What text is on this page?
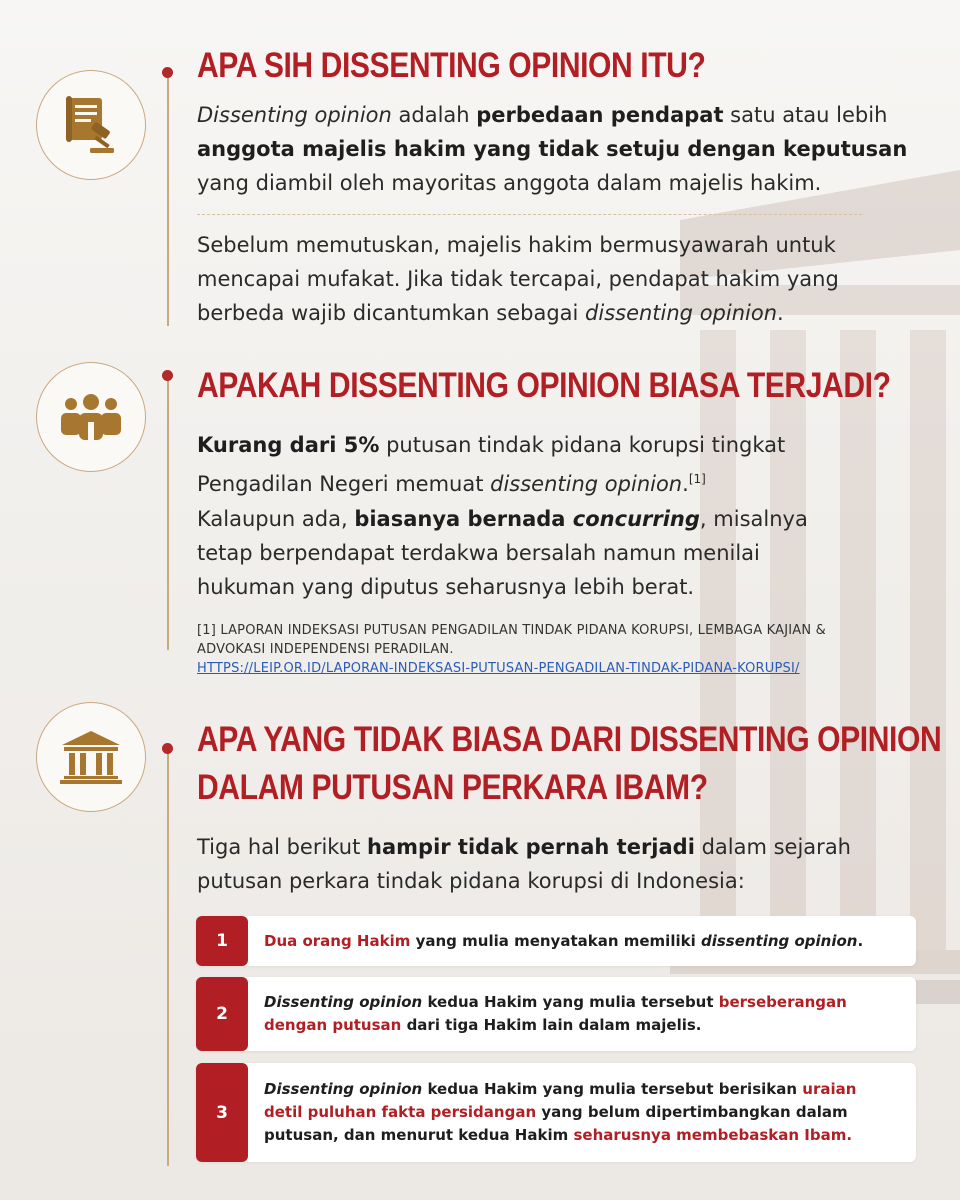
APA SIH DISSENTING OPINION ITU?

Dissenting opinion adalah perbedaan pendapat satu atau lebih
anggota majelis hakim yang tidak setuju dengan keputusan
yang diambil oleh mayoritas anggota dalam majelis hakim.

Sebelum memutuskan, majelis hakim bermusyawarah untuk
mencapai mufakat. Jika tidak tercapai, pendapat hakim yang
berbeda wajib dicantumkan sebagai dissenting opinion.

APAKAH DISSENTING OPINION BIASA TERJADI?

Kurang dari 5% putusan tindak pidana korupsi tingkat
Pengadilan Negeri memuat dissenting opinion.[1]

Kalaupun ada, biasanya bernada concurring, misalnya
tetap berpendapat terdakwa bersalah namun menilai
hukuman yang diputus seharusnya lebih berat.

[1] LAPORAN INDEKSASI PUTUSAN PENGADILAN TINDAK PIDANA KORUPSI, LEMBAGA KAJIAN &
ADVOKASI INDEPENDENSI PERADILAN.
HTTPS://LEIP.OR.ID/LAPORAN-INDEKSASI-PUTUSAN-PENGADILAN-TINDAK-PIDANA-KORUPSI/

APA YANG TIDAK BIASA DARI DISSENTING OPINION
DALAM PUTUSAN PERKARA IBAM?

Tiga hal berikut hampir tidak pernah terjadi dalam sejarah
putusan perkara tindak pidana korupsi di Indonesia:

1	Dua orang Hakim yang mulia menyatakan memiliki dissenting opinion.
2
Dissenting opinion kedua Hakim yang mulia tersebut berseberangan
dengan putusan dari tiga Hakim lain dalam majelis.
3
Dissenting opinion kedua Hakim yang mulia tersebut berisikan uraian
detil puluhan fakta persidangan yang belum dipertimbangkan dalam
putusan, dan menurut kedua Hakim seharusnya membebaskan Ibam.
